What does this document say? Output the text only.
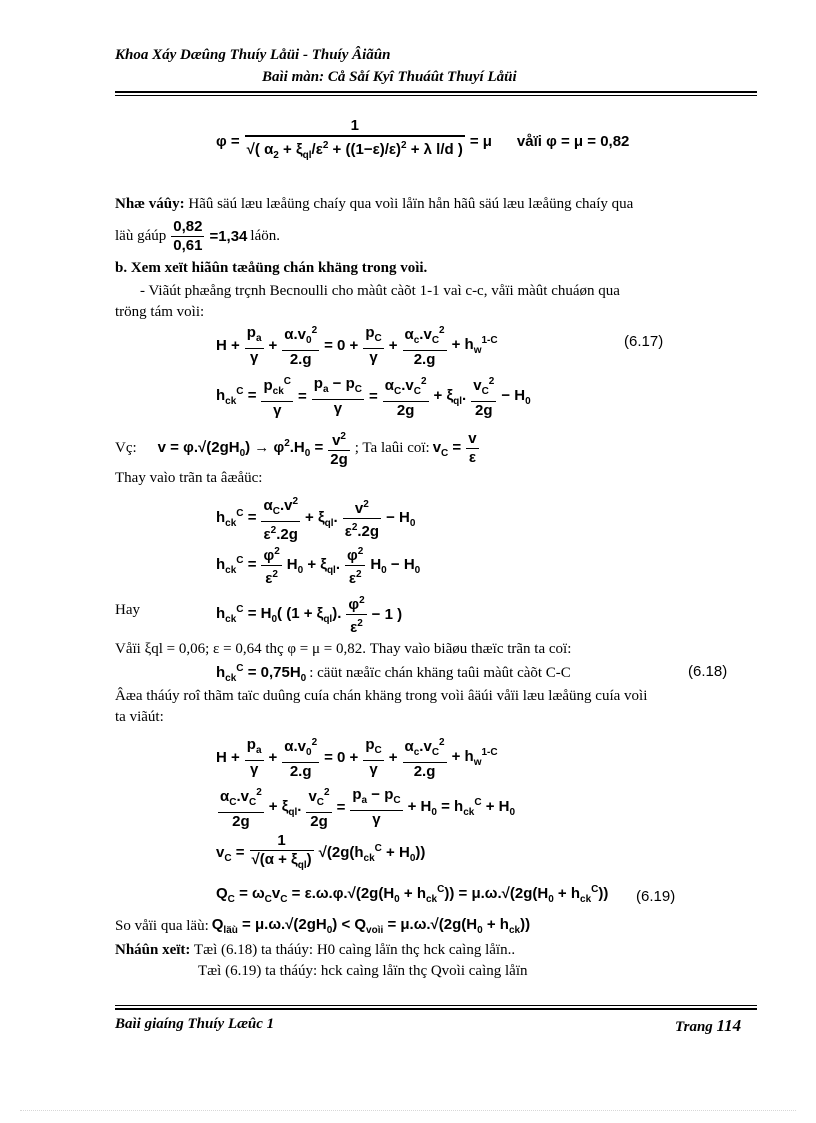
Khoa Xáy Dæûng Thuíy Låüi - Thuíy Âiãûn
Baìi màn: Cå Såí Kyî Thuáût Thuyí Låüi
$\varphi = \frac{1}{√( \alpha_2 + \xi_{ql}/\varepsilon^2 + ((1-\varepsilon)/\varepsilon)^2 + \lambda l/d )} = \mu$ våïi φ = μ = 0,82
Nhæ váûy: Hãû säú læu læåüng chaíy qua voìi låïn hån hãû säú læu læåüng chaíy qua
läù gáúp $\frac{0,82}{0,61} =1,34$ láön.
b. Xem xeït hiãûn tæåüng chán khäng trong voìi.
- Viãút phæång trçnh Becnoulli cho màût càõt 1-1 vaì c-c, våïi màût chuáøn qua
tröng tám voìi:
$H + \frac{p_a}{\gamma} + \frac{\alpha.v_0^2}{2.g} = 0 + \frac{p_C}{\gamma} + \frac{\alpha_c.v_C^2}{2.g} + h_w^{1-C}$	(6.17)
$h_{ck}^C = \frac{p_{ck}^C}{\gamma} = \frac{p_a - p_C}{\gamma} = \frac{\alpha_C.v_C^2}{2g} + \xi_{ql}$. $\frac{v_C^2}{2g} - H_0$
Vç: $v = \varphi.√(2gH_0) \to \varphi^2.H_0 = \frac{v^2}{2g}$ ; Ta laûi coï: $v_C = \frac{v}{\varepsilon}$
Thay vaìo trãn ta âæåüc:
$h_{ck}^C = \frac{\alpha_C.v^2}{\varepsilon^2.2g} + \xi_{ql}$. $\frac{v^2}{\varepsilon^2.2g} - H_0$
$h_{ck}^C = \frac{\varphi^2}{\varepsilon^2} H_0 + \xi_{ql}$. $\frac{\varphi^2}{\varepsilon^2} H_0 - H_0$
Hay	$h_{ck}^C = H_0$( $(1 + \xi_{ql})$. $\frac{\varphi^2}{\varepsilon^2} - 1$ )
Våïi ξql = 0,06; ε = 0,64 thç φ = μ = 0,82. Thay vaìo biãøu thæïc trãn ta coï:
$h_{ck}^C = 0,75H_0$ : cäüt næåïc chán khäng taûi màût càõt C-C	(6.18)
Âæa tháúy roî thãm taïc duûng cuía chán khäng trong voìi âäúi våïi læu læåüng cuía voìi
ta viãút:
$H + \frac{p_a}{\gamma} + \frac{\alpha.v_0^2}{2.g} = 0 + \frac{p_C}{\gamma} + \frac{\alpha_c.v_C^2}{2.g} + h_w^{1-C}$
$\frac{\alpha_C.v_C^2}{2g} + \xi_{ql}$. $\frac{v_C^2}{2g} = \frac{p_a - p_C}{\gamma} + H_0 = h_{ck}^C + H_0$
$v_C = \frac{1}{√(\alpha + \xi_{ql})} √(2g(h_{ck}^C + H_0))$
$Q_C = \omega_Cv_C = \varepsilon.\omega.\varphi.√(2g(H_0 + h_{ck}^C)) = \mu.\omega.√(2g(H_0 + h_{ck}^C))$ (6.19)
So våïi qua läù: $Q_{läù} = \mu.\omega.√(2gH_0) < Q_{voìi} = \mu.\omega.√(2g(H_0 + h_{ck}))$
Nháûn xeït: Tæì (6.18) ta tháúy: H0 caìng låïn thç hck caìng låïn..
Tæì (6.19) ta tháúy: hck caìng låïn thç Qvoìi caìng låïn
Baìi giaíng Thuíy Læûc 1	Trang 114
